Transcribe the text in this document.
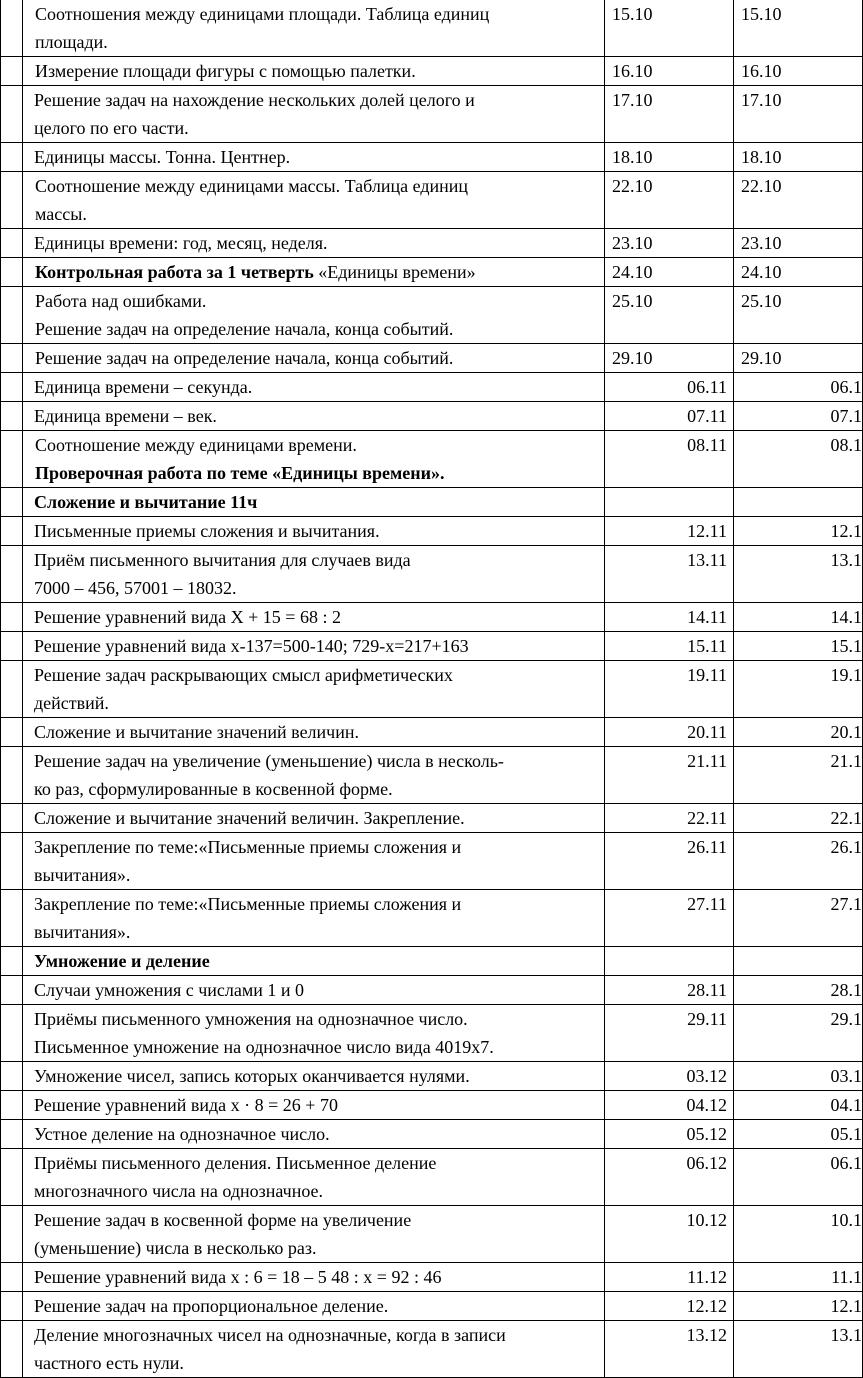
	Соотношения между единицами площади. Таблица единиц
площади.	15.10	15.10

	Измерение площади фигуры с помощью палетки.	16.10	16.10

	Решение задач на нахождение нескольких долей целого и
целого по его части.	17.10	17.10

	Единицы массы. Тонна. Центнер.	18.10	18.10

	Соотношение между единицами массы. Таблица единиц
массы.	22.10	22.10

	Единицы времени: год, месяц, неделя.	23.10	23.10

	Контрольная работа за 1 четверть «Единицы времени»	24.10	24.10

	Работа над ошибками.
Решение задач на определение начала, конца событий.	25.10	25.10

	Решение задач на определение начала, конца событий.	29.10	29.10

	Единица времени – секунда.	06.11	06.1

	Единица времени – век.	07.11	07.1

	Соотношение между единицами времени.
Проверочная работа по теме «Единицы времени».	08.11	08.1

	Сложение и вычитание 11ч		

	Письменные приемы сложения и вычитания.	12.11	12.1

	Приём письменного вычитания для случаев вида
7000 – 456, 57001 – 18032.	13.11	13.1

	Решение уравнений вида Х + 15 = 68 : 2	14.11	14.1

	Решение уравнений вида х-137=500-140; 729-х=217+163	15.11	15.1

	Решение задач раскрывающих смысл арифметических
действий.	19.11	19.1

	Сложение и вычитание значений величин.	20.11	20.1

	Решение задач на увеличение (уменьшение) числа в несколь-
ко раз, сформулированные в косвенной форме.	21.11	21.1

	Сложение и вычитание значений величин. Закрепление.	22.11	22.1

	Закрепление по теме:«Письменные приемы сложения и
вычитания».	26.11	26.1

	Закрепление по теме:«Письменные приемы сложения и
вычитания».	27.11	27.1

	Умножение и деление		

	Случаи умножения с числами 1 и 0	28.11	28.1

	Приёмы письменного умножения на однозначное число.
Письменное умножение на однозначное число вида 4019х7.	29.11	29.1

	Умножение чисел, запись которых оканчивается нулями.	03.12	03.1

	Решение уравнений вида х · 8 = 26 + 70	04.12	04.1

	Устное деление на однозначное число.	05.12	05.1

	Приёмы письменного деления. Письменное деление
многозначного числа на однозначное.	06.12	06.1

	Решение задач в косвенной форме на увеличение
(уменьшение) числа в несколько раз.	10.12	10.1

	Решение уравнений вида х : 6 = 18 – 5 48 : х = 92 : 46	11.12	11.1

	Решение задач на пропорциональное деление.	12.12	12.1

	Деление многозначных чисел на однозначные, когда в записи
частного есть нули.	13.12	13.1
